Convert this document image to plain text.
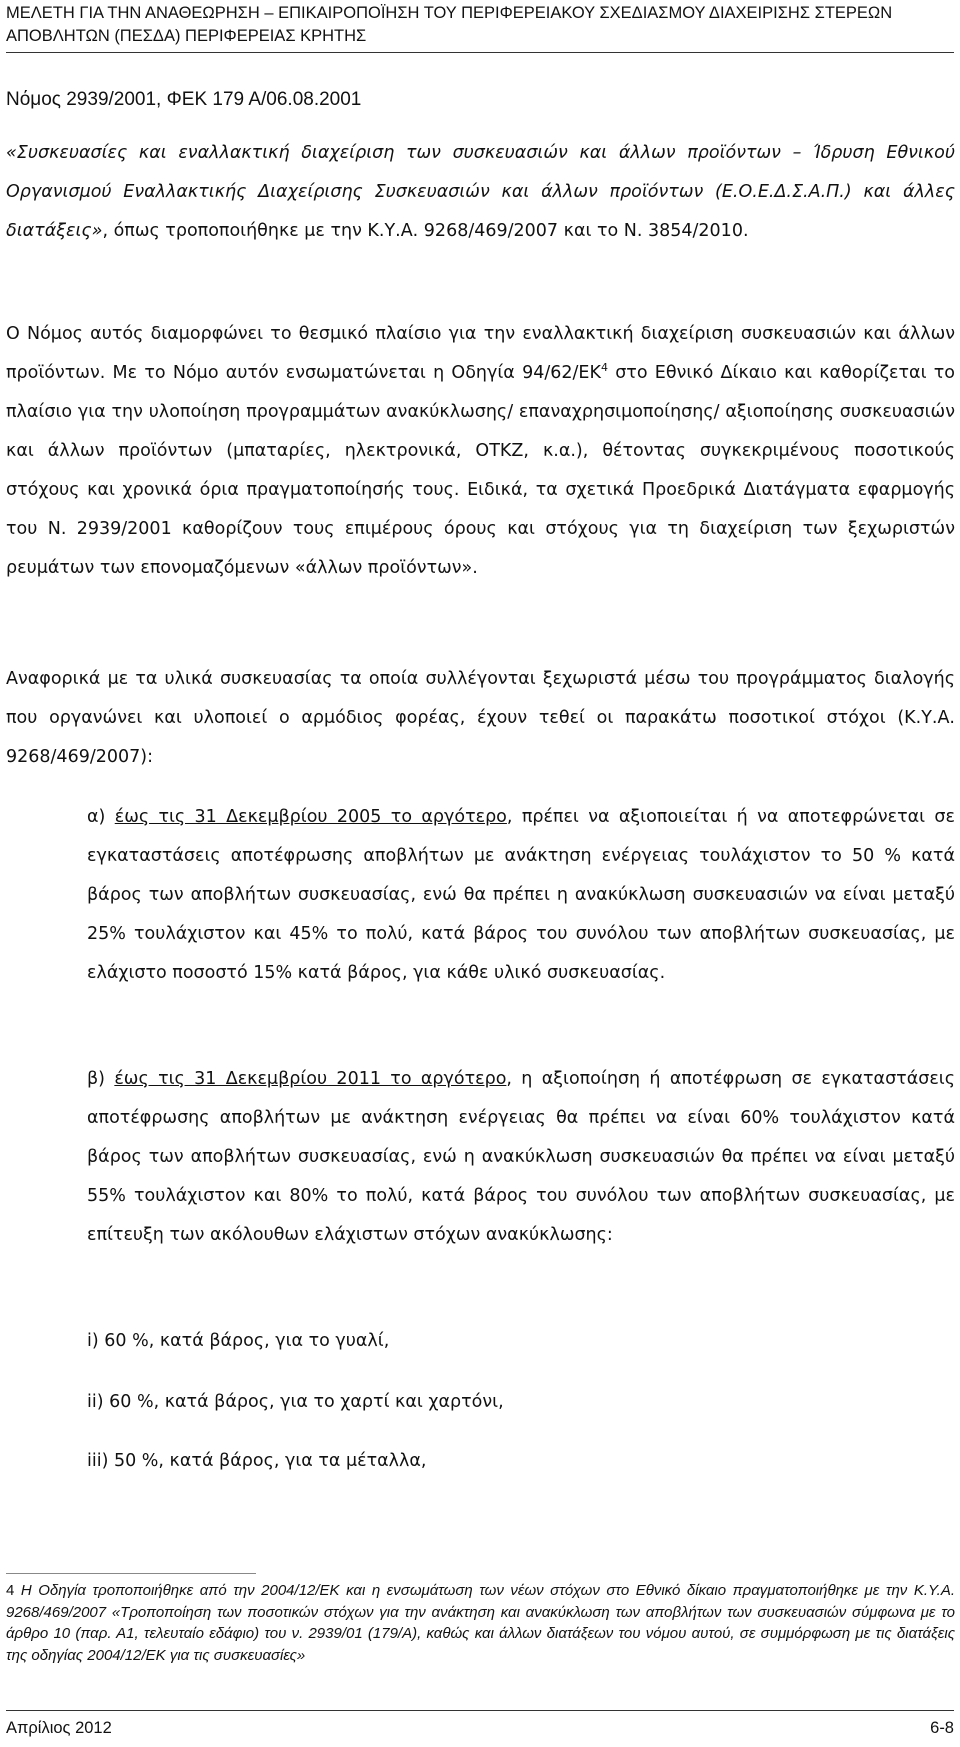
ΜΕΛΕΤΗ ΓΙΑ ΤΗΝ ΑΝΑΘΕΩΡΗΣΗ – ΕΠΙΚΑΙΡΟΠΟΪΗΣΗ ΤΟΥ ΠΕΡΙΦΕΡΕΙΑΚΟΥ ΣΧΕΔΙΑΣΜΟΥ ΔΙΑΧΕΙΡΙΣΗΣ ΣΤΕΡΕΩΝ ΑΠΟΒΛΗΤΩΝ (ΠΕΣΔΑ) ΠΕΡΙΦΕΡΕΙΑΣ ΚΡΗΤΗΣ
Νόμος 2939/2001, ΦΕΚ 179 Α/06.08.2001
«Συσκευασίες και εναλλακτική διαχείριση των συσκευασιών και άλλων προϊόντων – Ίδρυση Εθνικού Οργανισμού Εναλλακτικής Διαχείρισης Συσκευασιών και άλλων προϊόντων (Ε.Ο.Ε.Δ.Σ.Α.Π.) και άλλες διατάξεις», όπως τροποποιήθηκε με την Κ.Υ.Α. 9268/469/2007 και το Ν. 3854/2010.
Ο Νόμος αυτός διαμορφώνει το θεσμικό πλαίσιο για την εναλλακτική διαχείριση συσκευασιών και άλλων προϊόντων. Με το Νόμο αυτόν ενσωματώνεται η Οδηγία $94/62/EK^4$ στο Εθνικό Δίκαιο και καθορίζεται το πλαίσιο για την υλοποίηση προγραμμάτων ανακύκλωσης/ επαναχρησιμοποίησης/ αξιοποίησης συσκευασιών και άλλων προϊόντων (μπαταρίες, ηλεκτρονικά, ΟΤΚΖ, κ.α.), θέτοντας συγκεκριμένους ποσοτικούς στόχους και χρονικά όρια πραγματοποίησής τους. Ειδικά, τα σχετικά Προεδρικά Διατάγματα εφαρμογής του Ν. 2939/2001 καθορίζουν τους επιμέρους όρους και στόχους για τη διαχείριση των ξεχωριστών ρευμάτων των επονομαζόμενων «άλλων προϊόντων».
Αναφορικά με τα υλικά συσκευασίας τα οποία συλλέγονται ξεχωριστά μέσω του προγράμματος διαλογής που οργανώνει και υλοποιεί ο αρμόδιος φορέας, έχουν τεθεί οι παρακάτω ποσοτικοί στόχοι (Κ.Υ.Α. 9268/469/2007):
α) έως τις 31 Δεκεμβρίου 2005 το αργότερο, πρέπει να αξιοποιείται ή να αποτεφρώνεται σε εγκαταστάσεις αποτέφρωσης αποβλήτων με ανάκτηση ενέργειας τουλάχιστον το 50 % κατά βάρος των αποβλήτων συσκευασίας, ενώ θα πρέπει η ανακύκλωση συσκευασιών να είναι μεταξύ 25% τουλάχιστον και 45% το πολύ, κατά βάρος του συνόλου των αποβλήτων συσκευασίας, με ελάχιστο ποσοστό 15% κατά βάρος, για κάθε υλικό συσκευασίας.
β) έως τις 31 Δεκεμβρίου 2011 το αργότερο, η αξιοποίηση ή αποτέφρωση σε εγκαταστάσεις αποτέφρωσης αποβλήτων με ανάκτηση ενέργειας θα πρέπει να είναι 60% τουλάχιστον κατά βάρος των αποβλήτων συσκευασίας, ενώ η ανακύκλωση συσκευασιών θα πρέπει να είναι μεταξύ 55% τουλάχιστον και 80% το πολύ, κατά βάρος του συνόλου των αποβλήτων συσκευασίας, με επίτευξη των ακόλουθων ελάχιστων στόχων ανακύκλωσης:
i) 60 %, κατά βάρος, για το γυαλί,
ii) 60 %, κατά βάρος, για το χαρτί και χαρτόνι,
iii) 50 %, κατά βάρος, για τα μέταλλα,
4 Η Οδηγία τροποποιήθηκε από την 2004/12/ΕΚ και η ενσωμάτωση των νέων στόχων στο Εθνικό δίκαιο πραγματοποιήθηκε με την Κ.Υ.Α. 9268/469/2007 «Τροποποίηση των ποσοτικών στόχων για την ανάκτηση και ανακύκλωση των αποβλήτων των συσκευασιών σύμφωνα με το άρθρο 10 (παρ. Α1, τελευταίο εδάφιο) του ν. 2939/01 (179/Α), καθώς και άλλων διατάξεων του νόμου αυτού, σε συμμόρφωση με τις διατάξεις της οδηγίας 2004/12/ΕΚ για τις συσκευασίες»
Απρίλιος 2012	6-8
